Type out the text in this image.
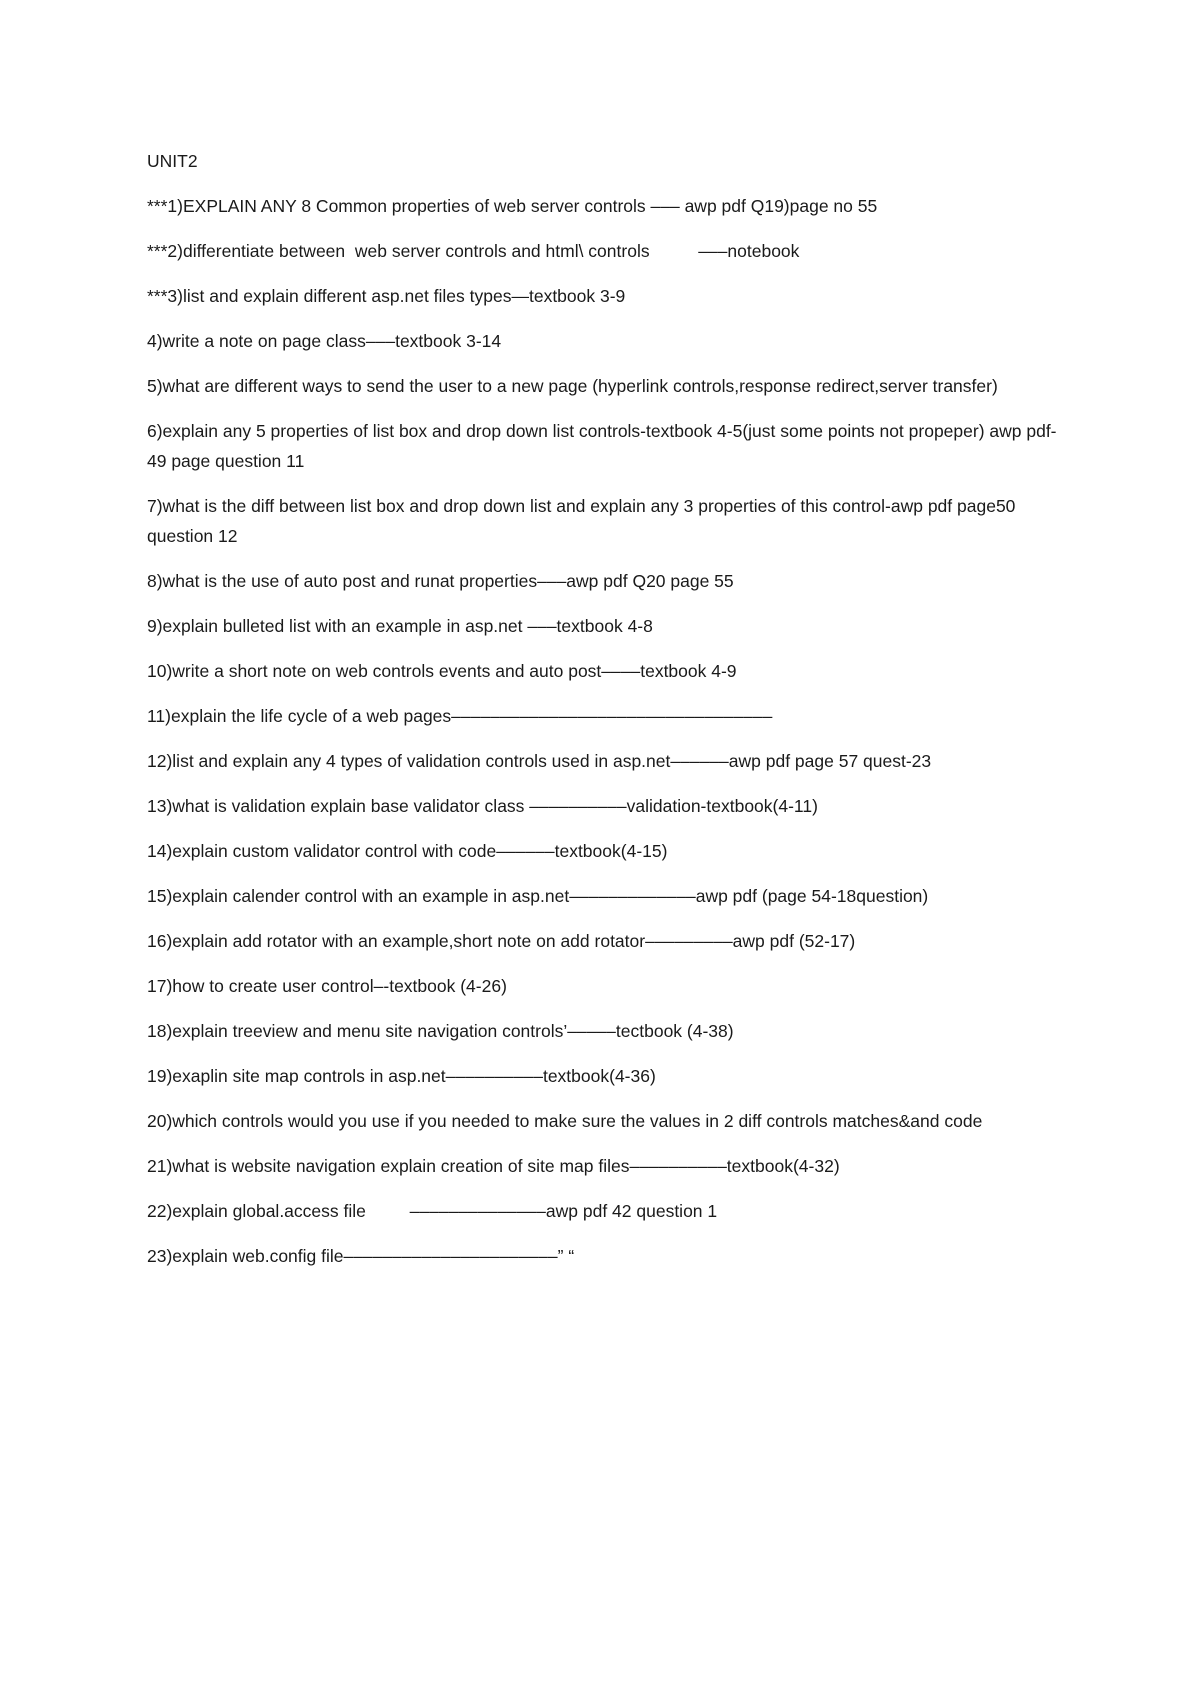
UNIT2
***1)EXPLAIN ANY 8 Common properties of web server controls ––– awp pdf Q19)page no 55
***2)differentiate between  web server controls and html\ controls          –––notebook
***3)list and explain different asp.net files types—textbook 3-9
4)write a note on page class–––textbook 3-14
5)what are different ways to send the user to a new page (hyperlink controls,response redirect,server transfer)
6)explain any 5 properties of list box and drop down list controls-textbook 4-5(just some points not propeper) awp pdf-49 page question 11
7)what is the diff between list box and drop down list and explain any 3 properties of this control-awp pdf page50 question 12
8)what is the use of auto post and runat properties–––awp pdf Q20 page 55
9)explain bulleted list with an example in asp.net –––textbook 4-8
10)write a short note on web controls events and auto post––––textbook 4-9
11)explain the life cycle of a web pages–––––––––––––––––––––––––––––––––
12)list and explain any 4 types of validation controls used in asp.net––––––awp pdf page 57 quest-23
13)what is validation explain base validator class ––––––––––validation-textbook(4-11)
14)explain custom validator control with code––––––textbook(4-15)
15)explain calender control with an example in asp.net–––––––––––––awp pdf (page 54-18question)
16)explain add rotator with an example,short note on add rotator–––––––––awp pdf (52-17)
17)how to create user control–-textbook (4-26)
18)explain treeview and menu site navigation controls’–––––tectbook (4-38)
19)exaplin site map controls in asp.net––––––––––textbook(4-36)
20)which controls would you use if you needed to make sure the values in 2 diff controls matches&and code
21)what is website navigation explain creation of site map files––––––––––textbook(4-32)
22)explain global.access file         ––––––––––––––awp pdf 42 question 1
23)explain web.config file––––––––––––––––––––––” “
